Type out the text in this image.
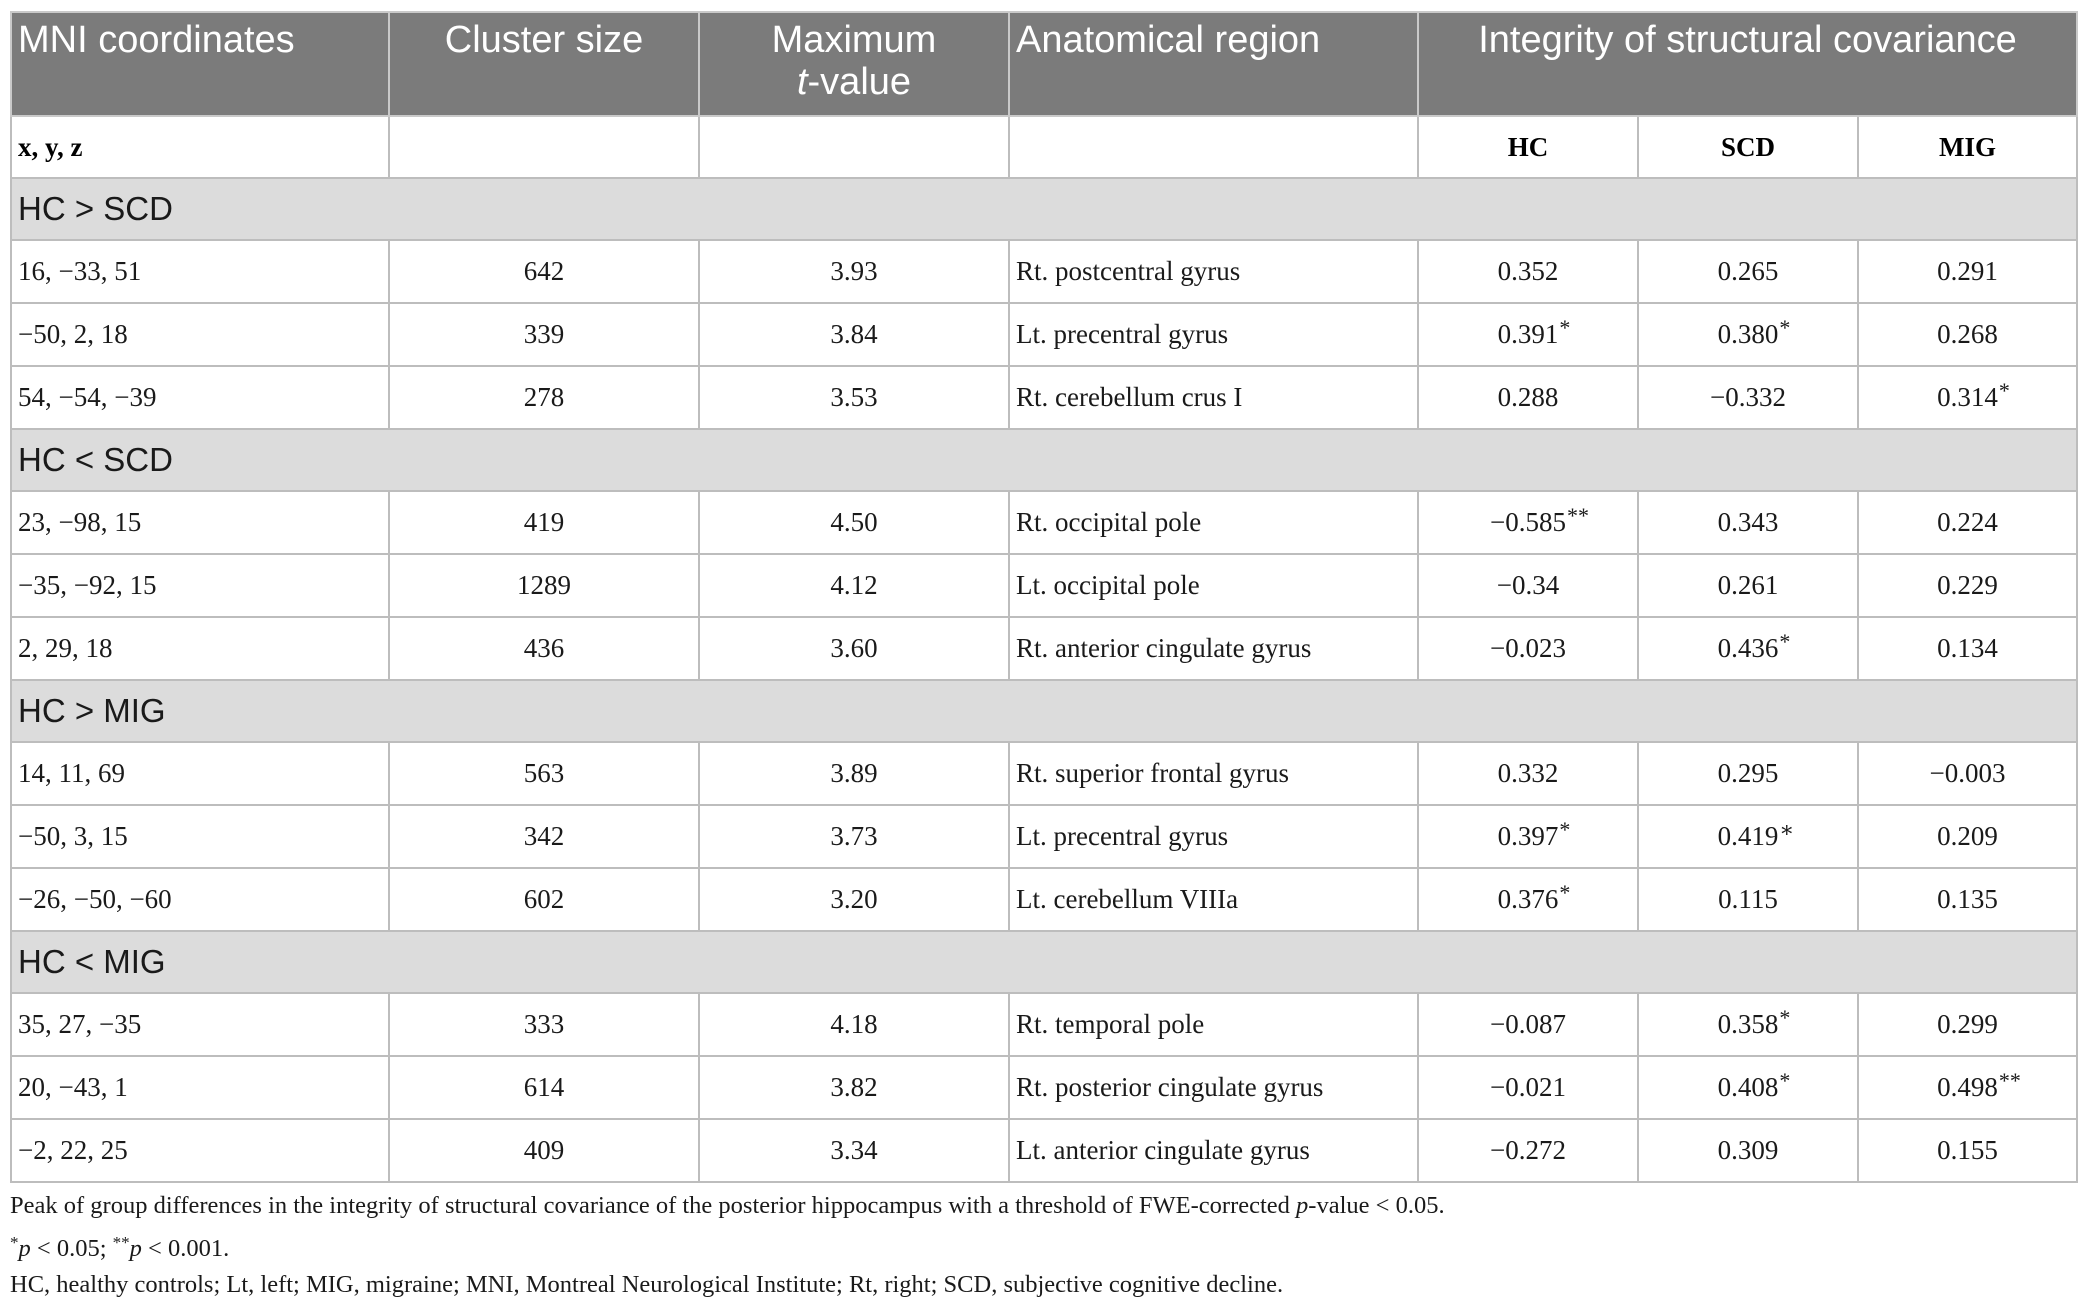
MNI coordinates	Cluster size	Maximum
t-value	Anatomical region	Integrity of structural covariance		
x, y, z				HC	SCD	MIG
HC > SCD						
16, −33, 51	642	3.93	Rt. postcentral gyrus	0.352	0.265	0.291

−50, 2, 18	339	3.84	Lt. precentral gyrus	0.391 *	0.380 *	0.268

54, −54, −39	278	3.53	Rt. cerebellum crus I	0.288	−0.332	0.314 *

HC < SCD						
23, −98, 15	419	4.50	Rt. occipital pole	−0.585 **	0.343	0.224

−35, −92, 15	1289	4.12	Lt. occipital pole	−0.34	0.261	0.229

2, 29, 18	436	3.60	Rt. anterior cingulate gyrus	−0.023	0.436 *	0.134

HC > MIG						
14, 11, 69	563	3.89	Rt. superior frontal gyrus	0.332	0.295	−0.003

−50, 3, 15	342	3.73	Lt. precentral gyrus	0.397 *	0.419 ∗	0.209

−26, −50, −60	602	3.20	Lt. cerebellum VIIIa	0.376 *	0.115	0.135

HC < MIG						
35, 27, −35	333	4.18	Rt. temporal pole	−0.087	0.358 *	0.299

20, −43, 1	614	3.82	Rt. posterior cingulate gyrus	−0.021	0.408 *	0.498 **

−2, 22, 25	409	3.34	Lt. anterior cingulate gyrus	−0.272	0.309	0.155

Peak of group differences in the integrity of structural covariance of the posterior hippocampus with a threshold of FWE-corrected p-value < 0.05.

*p < 0.05; **p < 0.001.

HC, healthy controls; Lt, left; MIG, migraine; MNI, Montreal Neurological Institute; Rt, right; SCD, subjective cognitive decline.
